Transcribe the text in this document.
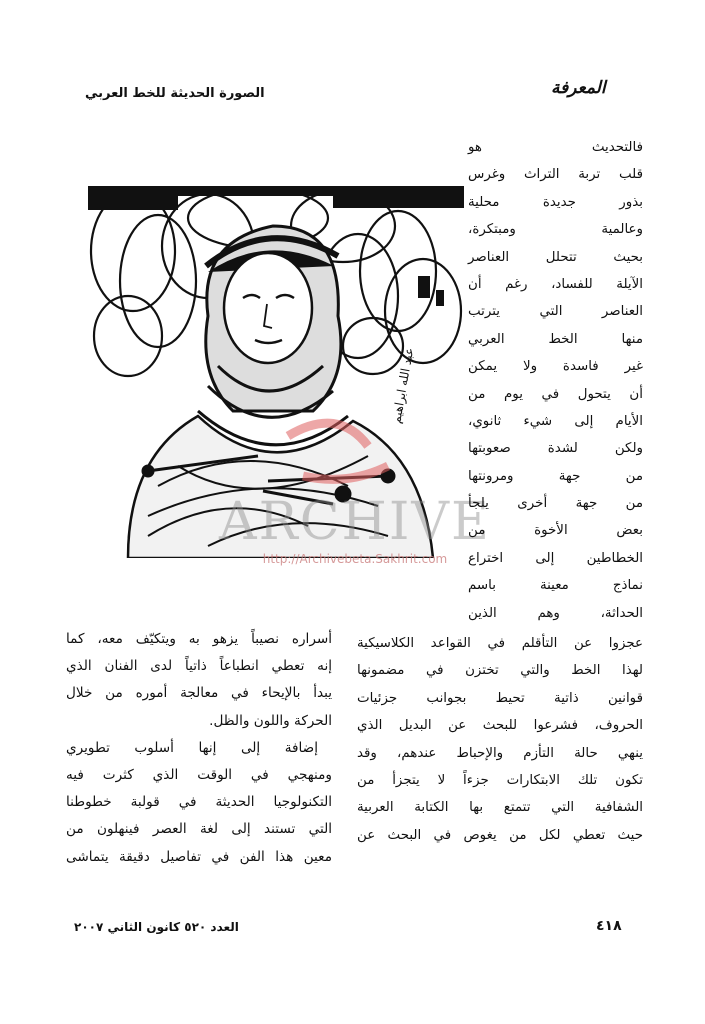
الصورة الحديثة للخط العربي	المعرفة
عبد الله ابراهيم
ARCHIVE
http://Archivebeta.Sakhrit.com
فالتحديث هو
قلب تربة التراث وغرس
بذور جديدة محلية
وعالمية ومبتكرة،
بحيث تتحلل العناصر
الآيلة للفساد، رغم أن
العناصر التي يترتب
منها الخط العربي
غير فاسدة ولا يمكن
أن يتحول في يوم من
الأيام إلى شيء ثانوي،
ولكن لشدة صعوبتها
من جهة ومرونتها
من جهة أخرى يلجأ
بعض الأخوة من
الخطاطين إلى اختراع
نماذج معينة باسم
الحداثة، وهم الذين
عجزوا عن التأقلم في القواعد الكلاسيكية
لهذا الخط والتي تختزن في مضمونها
قوانين ذاتية تحيط بجوانب جزئيات
الحروف، فشرعوا للبحث عن البديل الذي
ينهي حالة التأزم والإحباط عندهم، وقد
تكون تلك الابتكارات جزءاً لا يتجزأ من
الشفافية التي تتمتع بها الكتابة العربية
حيث تعطي لكل من يغوص في البحث عن
أسراره نصيباً يزهو به ويتكيّف معه، كما
إنه تعطي انطباعاً ذاتياً لدى الفنان الذي
يبدأ بالإيحاء في معالجة أموره من خلال
الحركة واللون والظل.
إضافة إلى إنها أسلوب تطويري
ومنهجي في الوقت الذي كثرت فيه
التكنولوجيا الحديثة في قولبة خطوطنا
التي تستند إلى لغة العصر فينهلون من
معين هذا الفن في تفاصيل دقيقة يتماشى
العدد ٥٢٠ كانون الثاني ٢٠٠٧	٤١٨
